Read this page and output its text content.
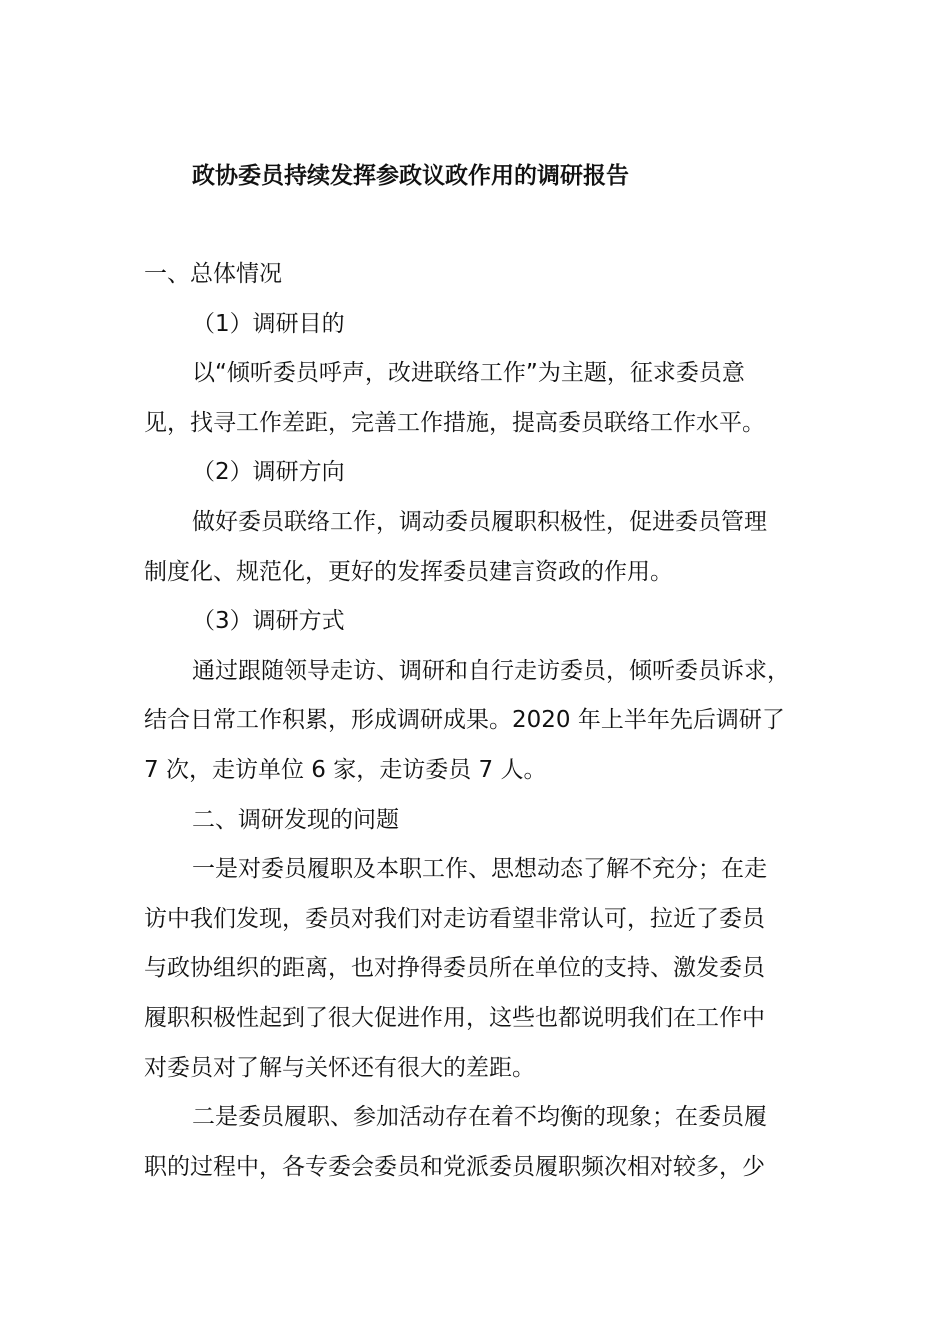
政协委员持续发挥参政议政作用的调研报告
一、总体情况
（1）调研目的
以“倾听委员呼声，改进联络工作”为主题，征求委员意
见，找寻工作差距，完善工作措施，提高委员联络工作水平。
（2）调研方向
做好委员联络工作，调动委员履职积极性，促进委员管理
制度化、规范化，更好的发挥委员建言资政的作用。
（3）调研方式
通过跟随领导走访、调研和自行走访委员，倾听委员诉求，
结合日常工作积累，形成调研成果。2020 年上半年先后调研了
7 次，走访单位 6 家，走访委员 7 人。
二、调研发现的问题
一是对委员履职及本职工作、思想动态了解不充分；在走
访中我们发现，委员对我们对走访看望非常认可，拉近了委员
与政协组织的距离，也对挣得委员所在单位的支持、激发委员
履职积极性起到了很大促进作用，这些也都说明我们在工作中
对委员对了解与关怀还有很大的差距。
二是委员履职、参加活动存在着不均衡的现象；在委员履
职的过程中，各专委会委员和党派委员履职频次相对较多，少
